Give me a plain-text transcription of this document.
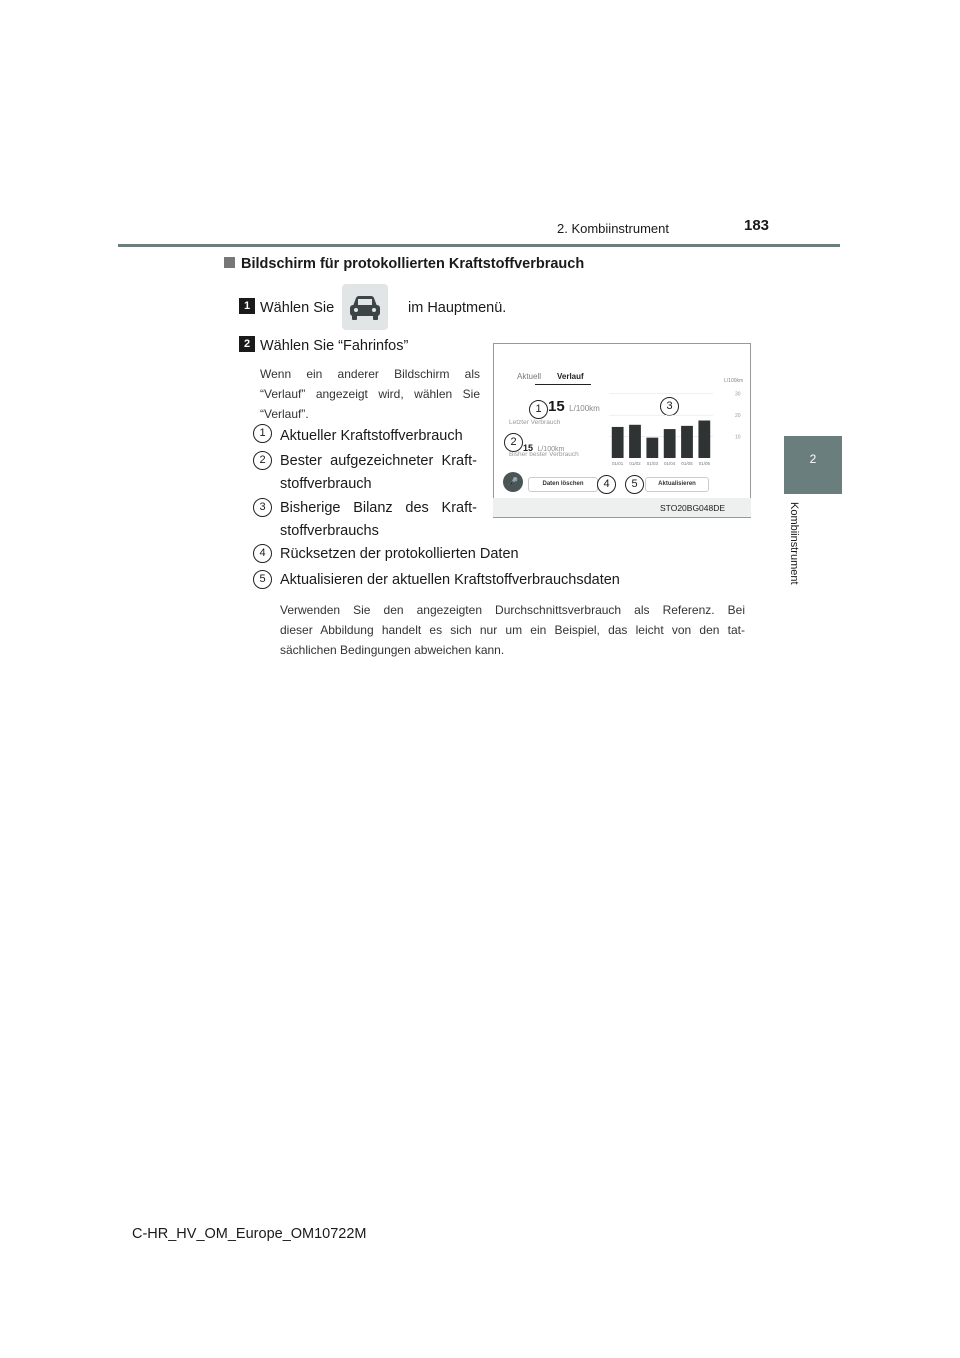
2. Kombiinstrument	183
2
Kombiinstrument
Bildschirm für protokollierten Kraftstoffverbrauch
1 Wählen Sie	im Hauptmenü.
2 Wählen Sie “Fahrinfos”
Wenn ein anderer Bildschirm als
“Verlauf” angezeigt wird, wählen Sie
“Verlauf”.
1 Aktueller Kraftstoffverbrauch
2 Bester aufgezeichneter Kraft-
stoffverbrauch
3 Bisherige Bilanz des Kraft-
stoffverbrauchs
4 Rücksetzen der protokollierten Daten
5 Aktualisieren der aktuellen Kraftstoffverbrauchsdaten
Verwenden Sie den angezeigten Durchschnittsverbrauch als Referenz. Bei
dieser Abbildung handelt es sich nur um ein Beispiel, das leicht von den tat-
sächlichen Bedingungen abweichen kann.
STO20BG048DE
Aktuell Verlauf
1 15 L/100km
Letzter Verbrauch
2 15 L/100km
Bisher bester Verbrauch
3
L/100km
10
20
30
01/01 01/02 01/03 01/04 01/05 01/06
🎤	Daten löschen	4	5	Aktualisieren
C-HR_HV_OM_Europe_OM10722M
